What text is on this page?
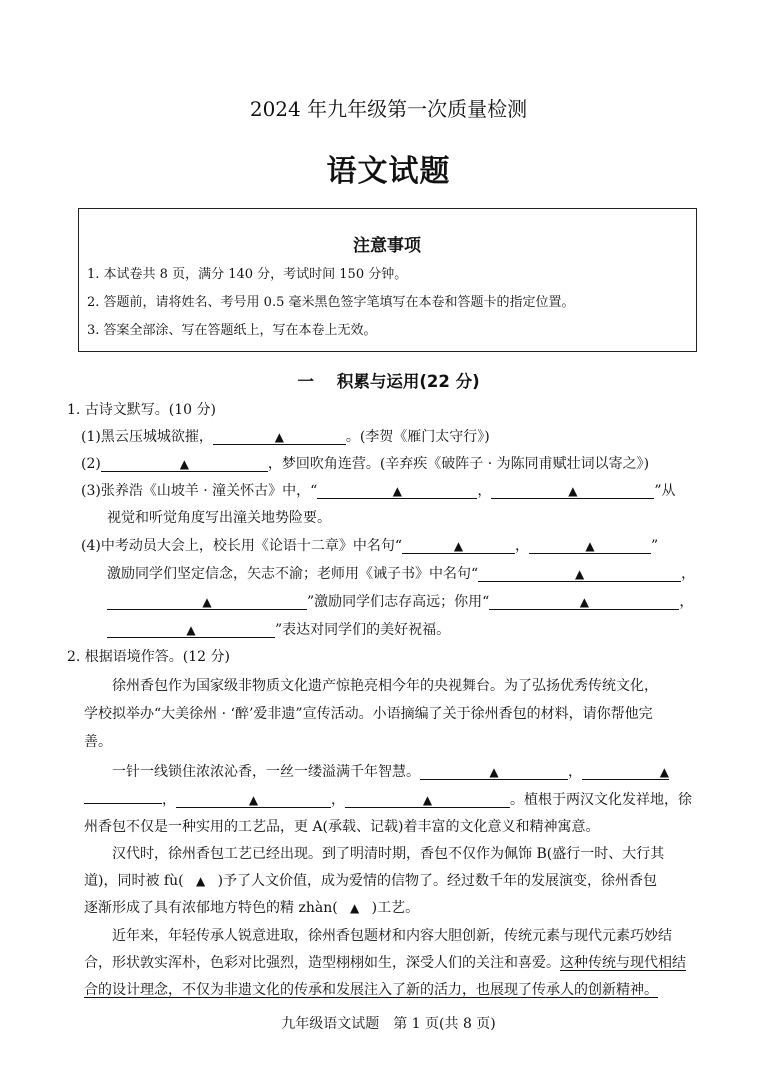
2024 年九年级第一次质量检测
语文试题
注意事项
1. 本试卷共 8 页，满分 140 分，考试时间 150 分钟。
2. 答题前，请将姓名、考号用 0.5 毫米黑色签字笔填写在本卷和答题卡的指定位置。
3. 答案全部涂、写在答题纸上，写在本卷上无效。
一 积累与运用(22 分)
1. 古诗文默写。(10 分)
(1)黑云压城城欲摧，	▲	。(李贺《雁门太守行》)
(2)	▲	，梦回吹角连营。(辛弃疾《破阵子 · 为陈同甫赋壮词以寄之》)
(3)张养浩《山坡羊 · 潼关怀古》中，“	▲	，	▲	”从
视觉和听觉角度写出潼关地势险要。
(4)中考动员大会上，校长用《论语十二章》中名句“	▲	，	▲	”
激励同学们坚定信念，矢志不渝；老师用《诫子书》中名句“	▲	，
▲	”激励同学们志存高远；你用“	▲	，
▲	”表达对同学们的美好祝福。
2. 根据语境作答。(12 分)
徐州香包作为国家级非物质文化遗产惊艳亮相今年的央视舞台。为了弘扬优秀传统文化，
学校拟举办“大美徐州 · ‘醉’爱非遗”宣传活动。小语摘编了关于徐州香包的材料，请你帮他完
善。
一针一线锁住浓浓沁香，一丝一缕溢满千年智慧。	▲	，	▲
，	▲	，	▲	。植根于两汉文化发祥地，徐
州香包不仅是一种实用的工艺品，更 A(承载、记载)着丰富的文化意义和精神寓意。
汉代时，徐州香包工艺已经出现。到了明清时期，香包不仅作为佩饰 B(盛行一时、大行其
道)，同时被 fù( ▲ )予了人文价值，成为爱情的信物了。经过数千年的发展演变，徐州香包
逐渐形成了具有浓郁地方特色的精 zhàn( ▲ )工艺。
近年来，年轻传承人锐意进取，徐州香包题材和内容大胆创新，传统元素与现代元素巧妙结
合，形状敦实浑朴，色彩对比强烈，造型栩栩如生，深受人们的关注和喜爱。这种传统与现代相结
合的设计理念，不仅为非遗文化的传承和发展注入了新的活力，也展现了传承人的创新精神。
九年级语文试题　第 1 页(共 8 页)
